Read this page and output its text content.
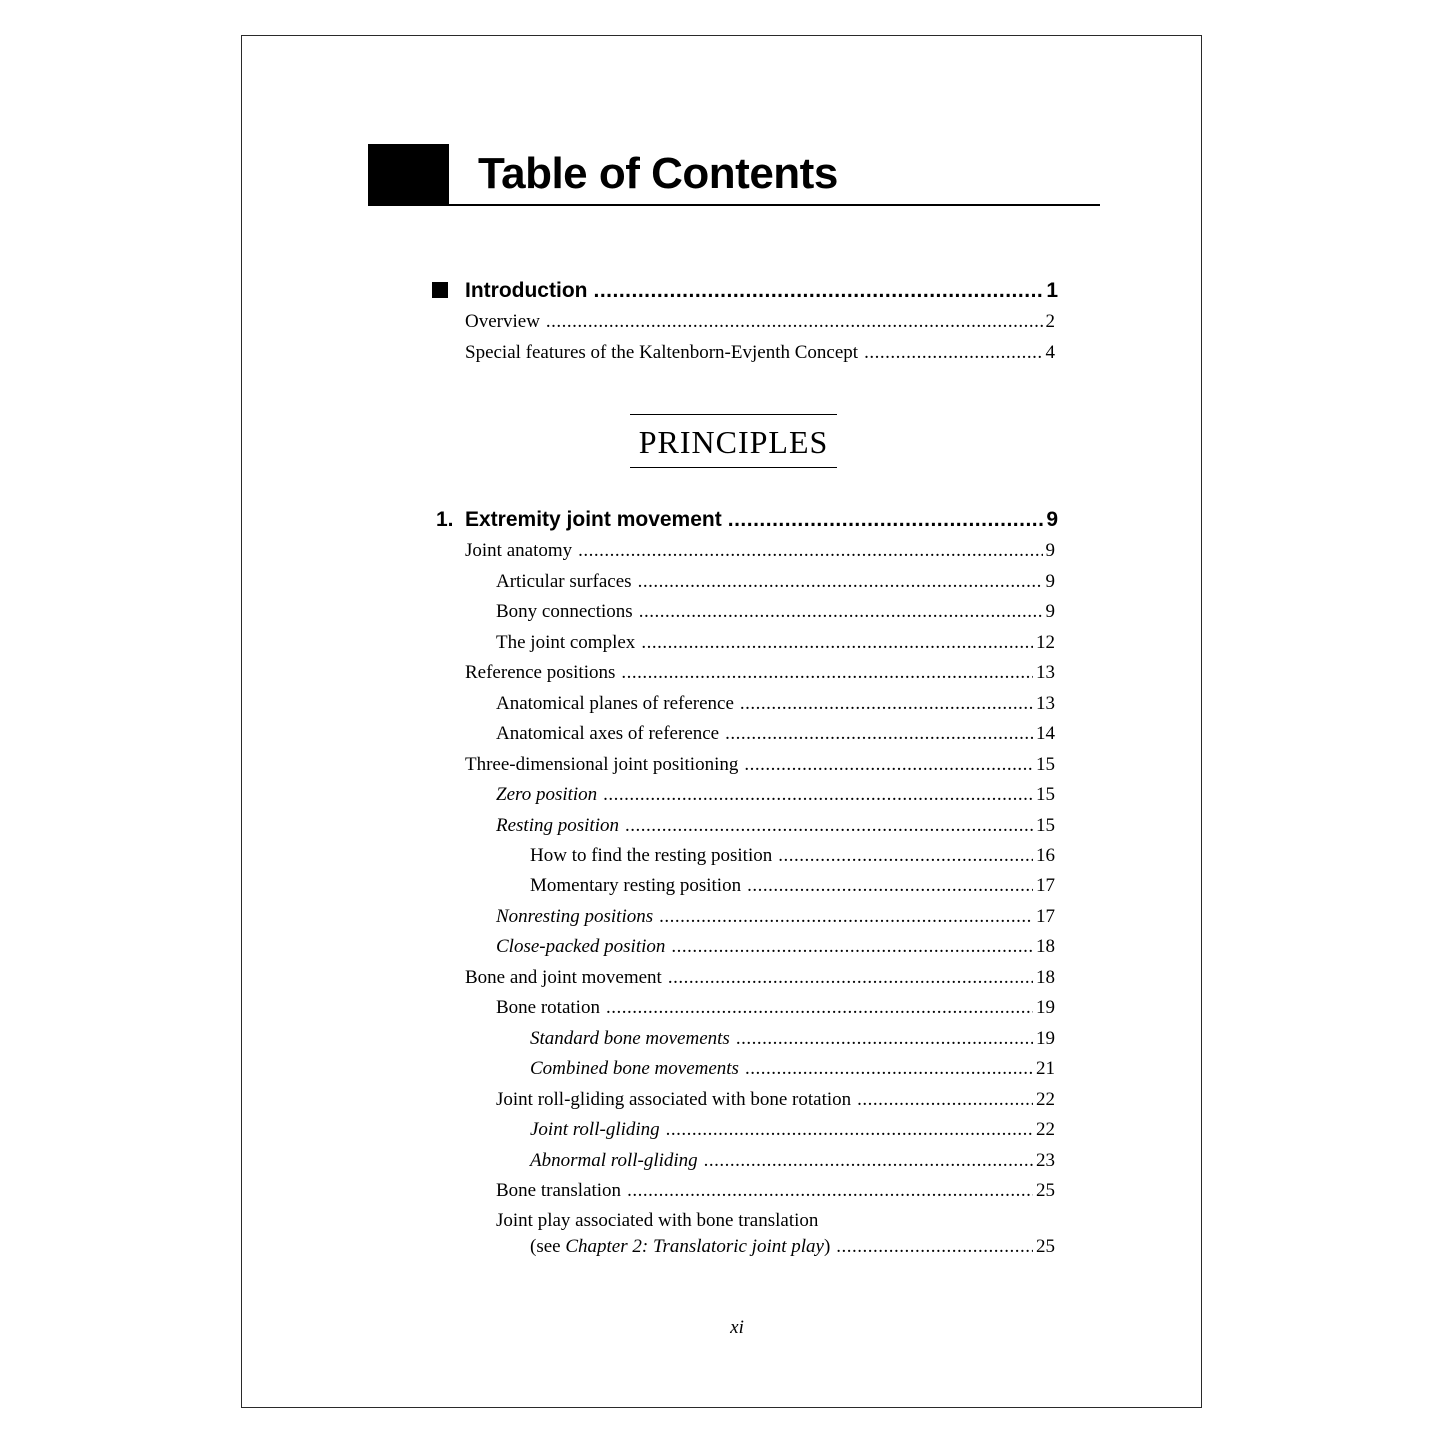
Table of Contents
Introduction .....	1
Overview .....	2
Special features of the Kaltenborn-Evjenth Concept .....	4
PRINCIPLES
1. Extremity joint movement .....	9
Joint anatomy .....	9
Articular surfaces .....	9
Bony connections .....	9
The joint complex .....	12
Reference positions .....	13
Anatomical planes of reference .....	13
Anatomical axes of reference .....	14
Three-dimensional joint positioning .....	15
Zero position .....	15
Resting position .....	15
How to find the resting position .....	16
Momentary resting position .....	17
Nonresting positions .....	17
Close-packed position .....	18
Bone and joint movement .....	18
Bone rotation .....	19
Standard bone movements .....	19
Combined bone movements .....	21
Joint roll-gliding associated with bone rotation .....	22
Joint roll-gliding .....	22
Abnormal roll-gliding .....	23
Bone translation .....	25
Joint play associated with bone translation
(see Chapter 2: Translatoric joint play) .....	25
xi
